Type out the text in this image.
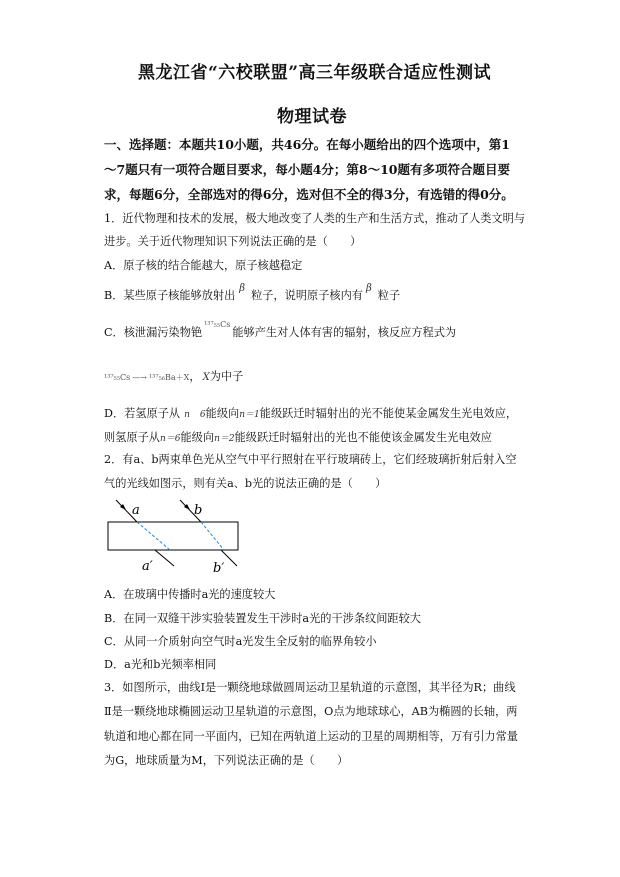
黑龙江省“六校联盟”高三年级联合适应性测试
物理试卷
一、选择题：本题共10小题，共46分。在每小题给出的四个选项中，第1
～7题只有一项符合题目要求，每小题4分；第8～10题有多项符合题目要
求，每题6分，全部选对的得6分，选对但不全的得3分，有选错的得0分。
1．近代物理和技术的发展，极大地改变了人类的生产和生活方式，推动了人类文明与
进步。关于近代物理知识下列说法正确的是（　　）
A．原子核的结合能越大，原子核越稳定
B．某些原子核能够放射出β粒子，说明原子核内有β粒子
C．核泄漏污染物铯$^{^{137}_{55}Cs}$能够产生对人体有害的辐射，核反应方程式为
¹³⁷₅₅Cs —→ ¹³⁷₅₆Ba＋X， X为中子
D．若氢原子从 n 6能级向n＝1能级跃迁时辐射出的光不能使某金属发生光电效应，
则氢原子从n＝6能级向n＝2能级跃迁时辐射出的光也不能使该金属发生光电效应
2．有a、b两束单色光从空气中平行照射在平行玻璃砖上，它们经玻璃折射后射入空
气的光线如图示，则有关a、b光的说法正确的是（　　）
a	b
a′	b′
A．在玻璃中传播时a光的速度较大
B．在同一双缝干涉实验装置发生干涉时a光的干涉条纹间距较大
C．从同一介质射向空气时a光发生全反射的临界角较小
D．a光和b光频率相同
3．如图所示，曲线Ⅰ是一颗绕地球做圆周运动卫星轨道的示意图，其半径为R；曲线
Ⅱ是一颗绕地球椭圆运动卫星轨道的示意图，O点为地球球心，AB为椭圆的长轴，两
轨道和地心都在同一平面内，已知在两轨道上运动的卫星的周期相等，万有引力常量
为G，地球质量为M，下列说法正确的是（　　）
